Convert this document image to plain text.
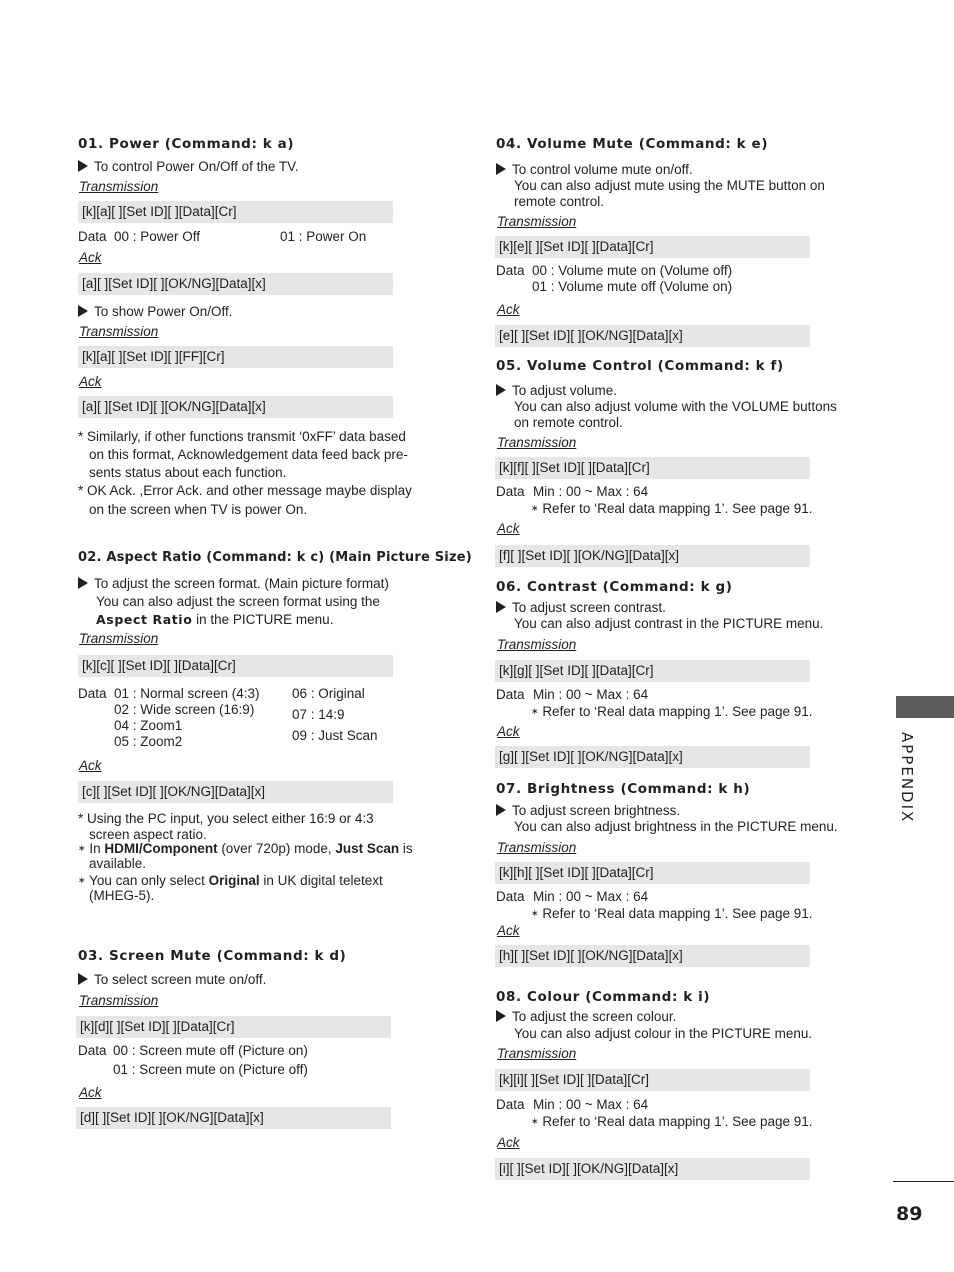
01. Power (Command: k a)
To control Power On/Off of the TV.
Transmission
[k][a][ ][Set ID][ ][Data][Cr]
Data 00 : Power Off	01 : Power On
Ack
[a][ ][Set ID][ ][OK/NG][Data][x]
To show Power On/Off.
Transmission
[k][a][ ][Set ID][ ][FF][Cr]
Ack
[a][ ][Set ID][ ][OK/NG][Data][x]
* Similarly, if other functions transmit ‘0xFF’ data based
on this format, Acknowledgement data feed back pre-
sents status about each function.
* OK Ack. ,Error Ack. and other message maybe display
on the screen when TV is power On.
02. Aspect Ratio (Command: k c) (Main Picture Size)
To adjust the screen format. (Main picture format)
You can also adjust the screen format using the
Aspect Ratio in the PICTURE menu.
Transmission
[k][c][ ][Set ID][ ][Data][Cr]
Data 01 : Normal screen (4:3)
02 : Wide screen (16:9)
04 : Zoom1
05 : Zoom2
06 : Original
07 : 14:9
09 : Just Scan
Ack
[c][ ][Set ID][ ][OK/NG][Data][x]
* Using the PC input, you select either 16:9 or 4:3
screen aspect ratio.
∗ In HDMI/Component (over 720p) mode, Just Scan is
available.
∗ You can only select Original in UK digital teletext
(MHEG-5).
03. Screen Mute (Command: k d)
To select screen mute on/off.
Transmission
[k][d][ ][Set ID][ ][Data][Cr]
Data 00 : Screen mute off (Picture on)
01 : Screen mute on (Picture off)
Ack
[d][ ][Set ID][ ][OK/NG][Data][x]
04. Volume Mute (Command: k e)
To control volume mute on/off.
You can also adjust mute using the MUTE button on
remote control.
Transmission
[k][e][ ][Set ID][ ][Data][Cr]
Data 00 : Volume mute on (Volume off)
01 : Volume mute off (Volume on)
Ack
[e][ ][Set ID][ ][OK/NG][Data][x]
05. Volume Control (Command: k f)
To adjust volume.
You can also adjust volume with the VOLUME buttons
on remote control.
Transmission
[k][f][ ][Set ID][ ][Data][Cr]
Data Min : 00 ~ Max : 64
∗ Refer to ‘Real data mapping 1’. See page 91.
Ack
[f][ ][Set ID][ ][OK/NG][Data][x]
06. Contrast (Command: k g)
To adjust screen contrast.
You can also adjust contrast in the PICTURE menu.
Transmission
[k][g][ ][Set ID][ ][Data][Cr]
Data Min : 00 ~ Max : 64
∗ Refer to ‘Real data mapping 1’. See page 91.
Ack
[g][ ][Set ID][ ][OK/NG][Data][x]
07. Brightness (Command: k h)
To adjust screen brightness.
You can also adjust brightness in the PICTURE menu.
Transmission
[k][h][ ][Set ID][ ][Data][Cr]
Data Min : 00 ~ Max : 64
∗ Refer to ‘Real data mapping 1’. See page 91.
Ack
[h][ ][Set ID][ ][OK/NG][Data][x]
08. Colour (Command: k i)
To adjust the screen colour.
You can also adjust colour in the PICTURE menu.
Transmission
[k][i][ ][Set ID][ ][Data][Cr]
Data Min : 00 ~ Max : 64
∗ Refer to ‘Real data mapping 1’. See page 91.
Ack
[i][ ][Set ID][ ][OK/NG][Data][x]
APPENDIX
89
